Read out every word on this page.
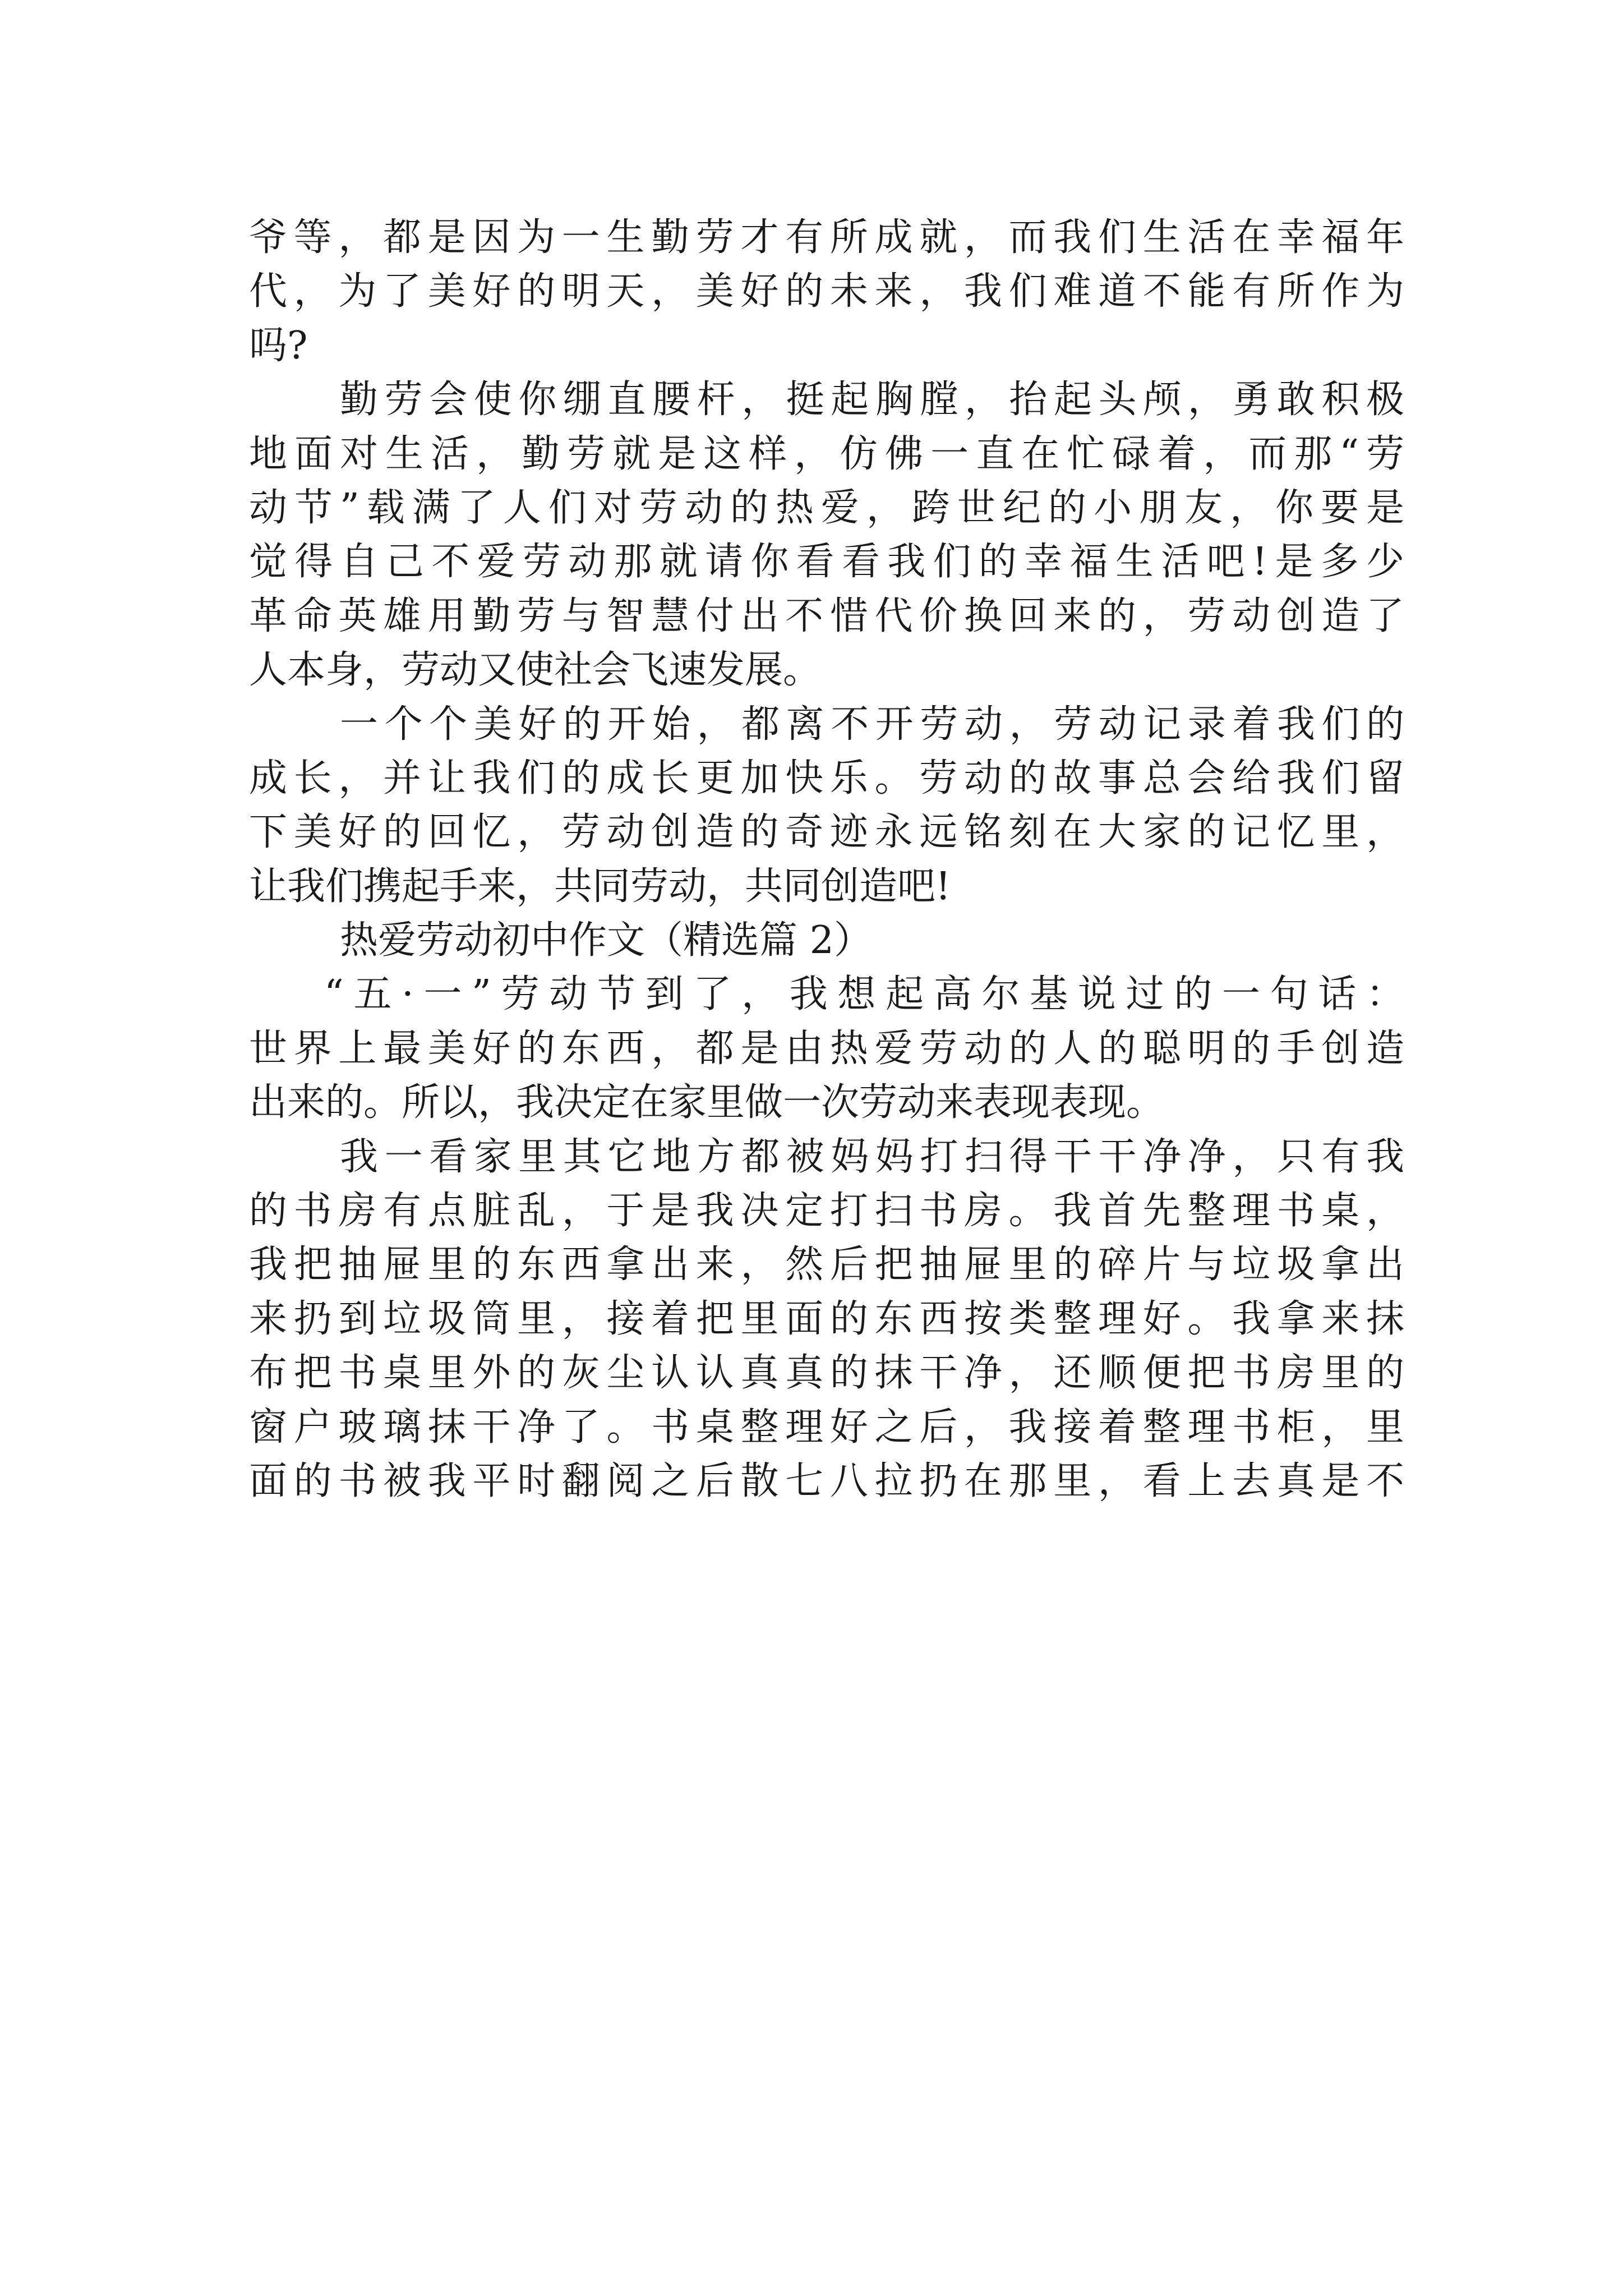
爷等，都是因为一生勤劳才有所成就，而我们生活在幸福年
代，为了美好的明天，美好的未来，我们难道不能有所作为
吗?
勤劳会使你绷直腰杆，挺起胸膛，抬起头颅，勇敢积极
地面对生活，勤劳就是这样，仿佛一直在忙碌着，而那“劳
动节”载满了人们对劳动的热爱，跨世纪的小朋友，你要是
觉得自己不爱劳动那就请你看看我们的幸福生活吧!是多少
革命英雄用勤劳与智慧付出不惜代价换回来的，劳动创造了
人本身，劳动又使社会飞速发展。
一个个美好的开始，都离不开劳动，劳动记录着我们的
成长，并让我们的成长更加快乐。劳动的故事总会给我们留
下美好的回忆，劳动创造的奇迹永远铭刻在大家的记忆里，
让我们携起手来，共同劳动，共同创造吧!
热爱劳动初中作文（精选篇 2）
“五·一”劳动节到了，我想起高尔基说过的一句话：
世界上最美好的东西，都是由热爱劳动的人的聪明的手创造
出来的。所以，我决定在家里做一次劳动来表现表现。
我一看家里其它地方都被妈妈打扫得干干净净，只有我
的书房有点脏乱，于是我决定打扫书房。我首先整理书桌，
我把抽屉里的东西拿出来，然后把抽屉里的碎片与垃圾拿出
来扔到垃圾筒里，接着把里面的东西按类整理好。我拿来抹
布把书桌里外的灰尘认认真真的抹干净，还顺便把书房里的
窗户玻璃抹干净了。书桌整理好之后，我接着整理书柜，里
面的书被我平时翻阅之后散七八拉扔在那里，看上去真是不
